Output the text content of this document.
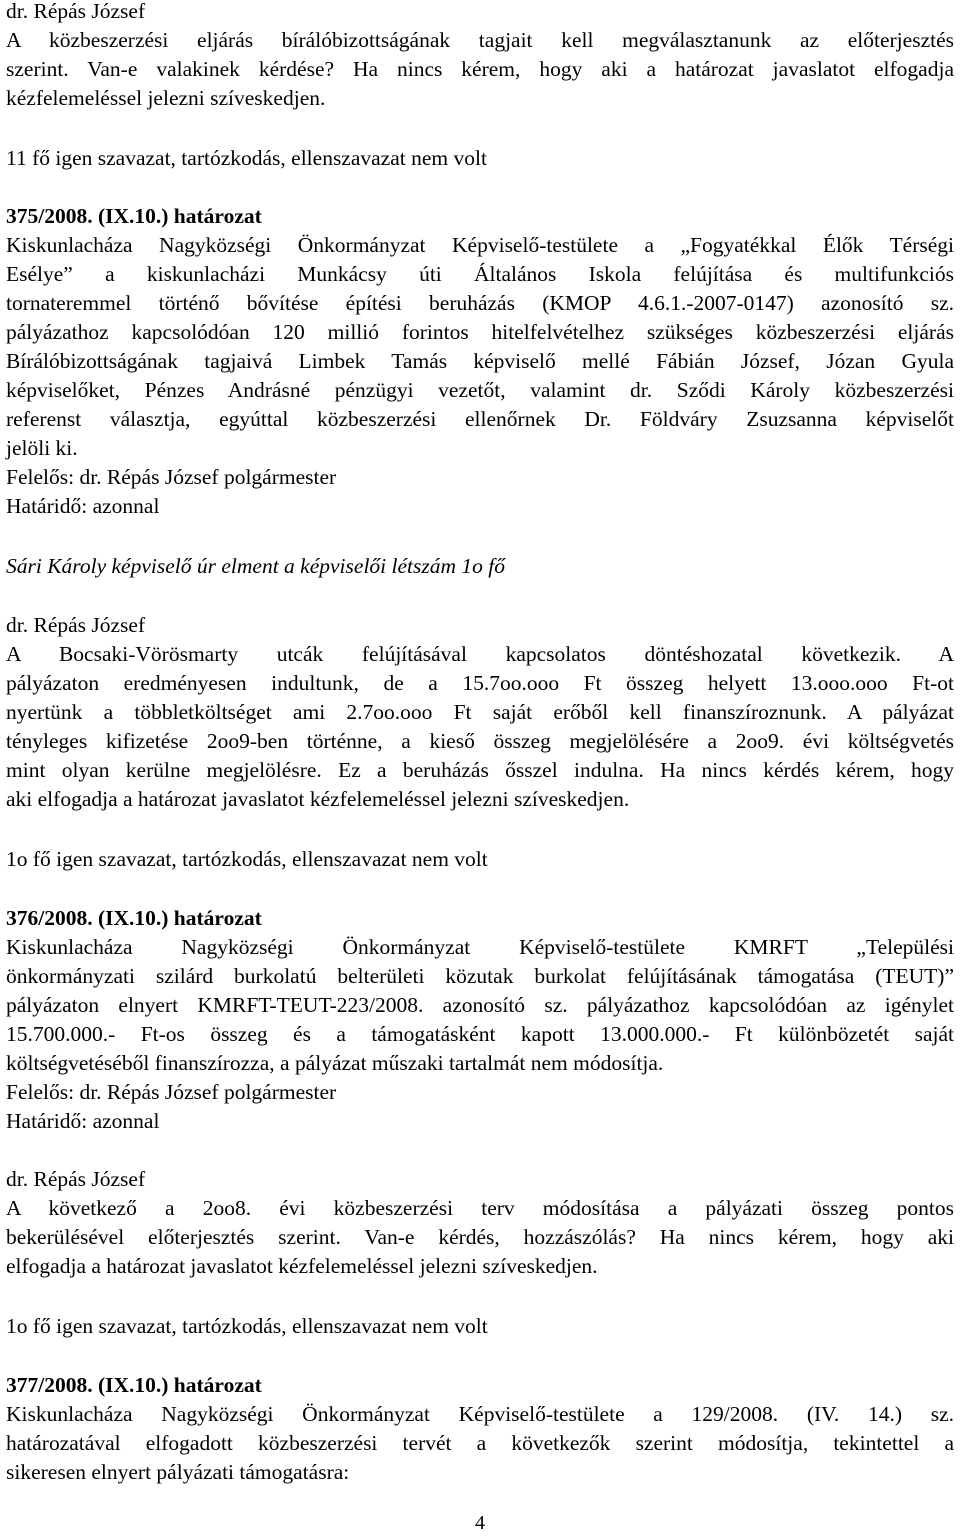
dr. Répás József
A közbeszerzési eljárás bírálóbizottságának tagjait kell megválasztanunk az előterjesztés
szerint. Van-e valakinek kérdése? Ha nincs kérem, hogy aki a határozat javaslatot elfogadja
kézfelemeléssel jelezni szíveskedjen.
11 fő igen szavazat, tartózkodás, ellenszavazat nem volt
375/2008. (IX.10.) határozat
Kiskunlacháza Nagyközségi Önkormányzat Képviselő-testülete a „Fogyatékkal Élők Térségi
Esélye” a kiskunlacházi Munkácsy úti Általános Iskola felújítása és multifunkciós
tornateremmel történő bővítése építési beruházás (KMOP 4.6.1.-2007-0147) azonosító sz.
pályázathoz kapcsolódóan 120 millió forintos hitelfelvételhez szükséges közbeszerzési eljárás
Bírálóbizottságának tagjaivá Limbek Tamás képviselő mellé Fábián József, Józan Gyula
képviselőket, Pénzes Andrásné pénzügyi vezetőt, valamint dr. Sződi Károly közbeszerzési
referenst választja, egyúttal közbeszerzési ellenőrnek Dr. Földváry Zsuzsanna képviselőt
jelöli ki.
Felelős: dr. Répás József polgármester
Határidő: azonnal
Sári Károly képviselő úr elment a képviselői létszám 1o fő
dr. Répás József
A Bocsaki-Vörösmarty utcák felújításával kapcsolatos döntéshozatal következik. A
pályázaton eredményesen indultunk, de a 15.7oo.ooo Ft összeg helyett 13.ooo.ooo Ft-ot
nyertünk a többletköltséget ami 2.7oo.ooo Ft saját erőből kell finanszíroznunk. A pályázat
tényleges kifizetése 2oo9-ben történne, a kieső összeg megjelölésére a 2oo9. évi költségvetés
mint olyan kerülne megjelölésre. Ez a beruházás ősszel indulna. Ha nincs kérdés kérem, hogy
aki elfogadja a határozat javaslatot kézfelemeléssel jelezni szíveskedjen.
1o fő igen szavazat, tartózkodás, ellenszavazat nem volt
376/2008. (IX.10.) határozat
Kiskunlacháza Nagyközségi Önkormányzat Képviselő-testülete KMRFT „Települési
önkormányzati szilárd burkolatú belterületi közutak burkolat felújításának támogatása (TEUT)”
pályázaton elnyert KMRFT-TEUT-223/2008. azonosító sz. pályázathoz kapcsolódóan az igénylet
15.700.000.- Ft-os összeg és a támogatásként kapott 13.000.000.- Ft különbözetét saját
költségvetéséből finanszírozza, a pályázat műszaki tartalmát nem módosítja.
Felelős: dr. Répás József polgármester
Határidő: azonnal
dr. Répás József
A következő a 2oo8. évi közbeszerzési terv módosítása a pályázati összeg pontos
bekerülésével előterjesztés szerint. Van-e kérdés, hozzászólás? Ha nincs kérem, hogy aki
elfogadja a határozat javaslatot kézfelemeléssel jelezni szíveskedjen.
1o fő igen szavazat, tartózkodás, ellenszavazat nem volt
377/2008. (IX.10.) határozat
Kiskunlacháza Nagyközségi Önkormányzat Képviselő-testülete a 129/2008. (IV. 14.) sz.
határozatával elfogadott közbeszerzési tervét a következők szerint módosítja, tekintettel a
sikeresen elnyert pályázati támogatásra:
4
